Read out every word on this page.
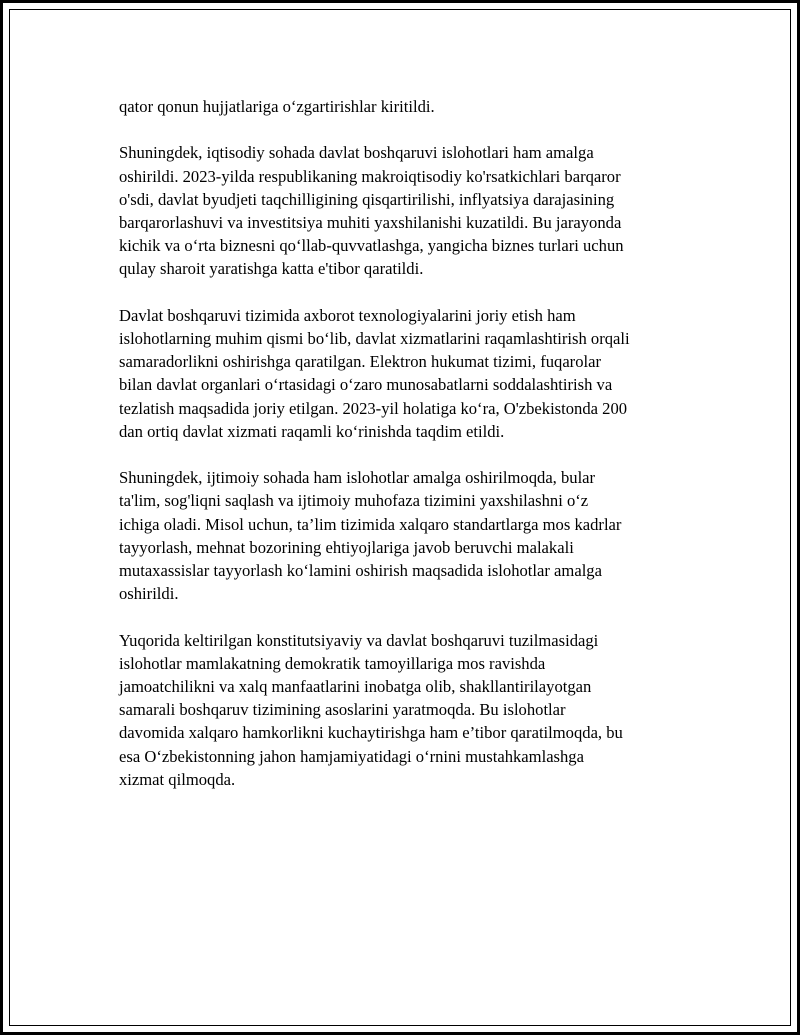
qator qonun hujjatlariga o‘zgartirishlar kiritildi.

Shuningdek, iqtisodiy sohada davlat boshqaruvi islohotlari ham amalga
oshirildi. 2023-yilda respublikaning makroiqtisodiy ko'rsatkichlari barqaror
o'sdi, davlat byudjeti taqchilligining qisqartirilishi, inflyatsiya darajasining
barqarorlashuvi va investitsiya muhiti yaxshilanishi kuzatildi. Bu jarayonda
kichik va o‘rta biznesni qo‘llab-quvvatlashga, yangicha biznes turlari uchun
qulay sharoit yaratishga katta e'tibor qaratildi.

Davlat boshqaruvi tizimida axborot texnologiyalarini joriy etish ham
islohotlarning muhim qismi bo‘lib, davlat xizmatlarini raqamlashtirish orqali
samaradorlikni oshirishga qaratilgan. Elektron hukumat tizimi, fuqarolar
bilan davlat organlari o‘rtasidagi o‘zaro munosabatlarni soddalashtirish va
tezlatish maqsadida joriy etilgan. 2023-yil holatiga ko‘ra, O'zbekistonda 200
dan ortiq davlat xizmati raqamli ko‘rinishda taqdim etildi.

Shuningdek, ijtimoiy sohada ham islohotlar amalga oshirilmoqda, bular
ta'lim, sog'liqni saqlash va ijtimoiy muhofaza tizimini yaxshilashni o‘z
ichiga oladi. Misol uchun, ta’lim tizimida xalqaro standartlarga mos kadrlar
tayyorlash, mehnat bozorining ehtiyojlariga javob beruvchi malakali
mutaxassislar tayyorlash ko‘lamini oshirish maqsadida islohotlar amalga
oshirildi.

Yuqorida keltirilgan konstitutsiyaviy va davlat boshqaruvi tuzilmasidagi
islohotlar mamlakatning demokratik tamoyillariga mos ravishda
jamoatchilikni va xalq manfaatlarini inobatga olib, shakllantirilayotgan
samarali boshqaruv tizimining asoslarini yaratmoqda. Bu islohotlar
davomida xalqaro hamkorlikni kuchaytirishga ham e’tibor qaratilmoqda, bu
esa O‘zbekistonning jahon hamjamiyatidagi o‘rnini mustahkamlashga
xizmat qilmoqda.
